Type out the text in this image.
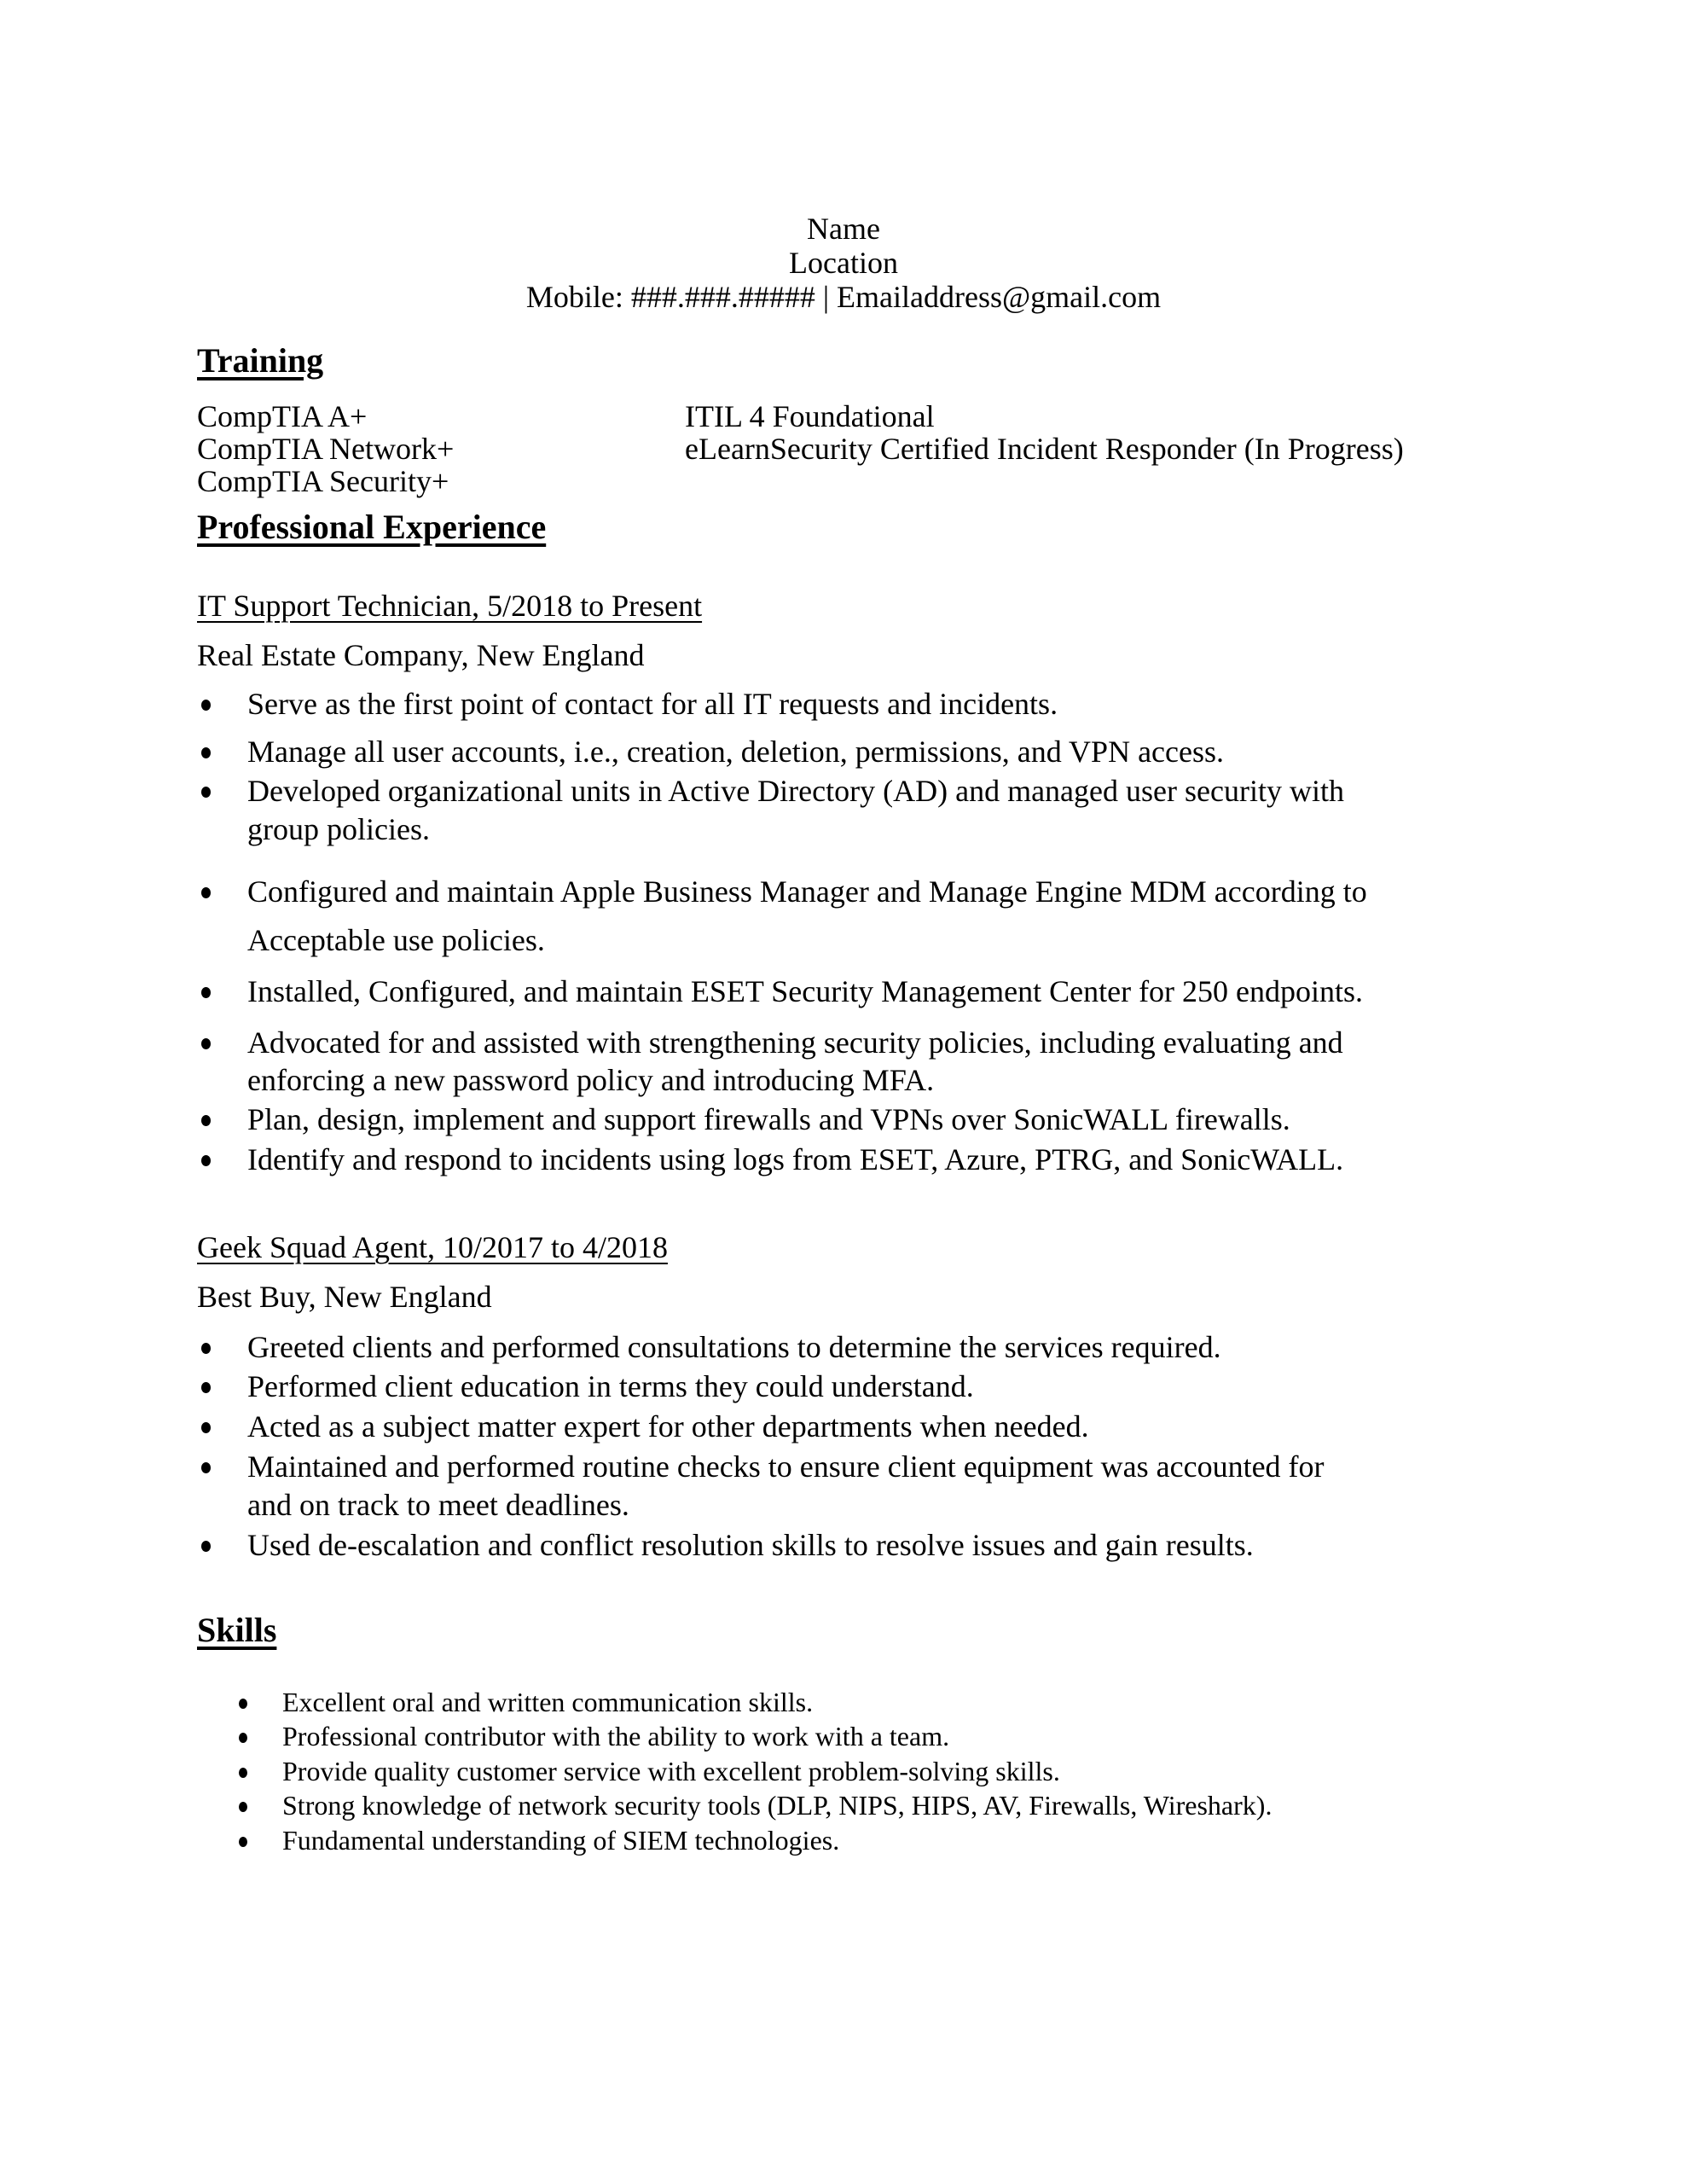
Name
Location
Mobile: ###.###.##### | Emailaddress@gmail.com
Training
CompTIA A+
CompTIA Network+
CompTIA Security+
ITIL 4 Foundational
eLearnSecurity Certified Incident Responder (In Progress)
Professional Experience
IT Support Technician, 5/2018 to Present
Real Estate Company, New England
Serve as the first point of contact for all IT requests and incidents.
Manage all user accounts, i.e., creation, deletion, permissions, and VPN access.
Developed organizational units in Active Directory (AD) and managed user security with
group policies.
Configured and maintain Apple Business Manager and Manage Engine MDM according to
Acceptable use policies.
Installed, Configured, and maintain ESET Security Management Center for 250 endpoints.
Advocated for and assisted with strengthening security policies, including evaluating and
enforcing a new password policy and introducing MFA.
Plan, design, implement and support firewalls and VPNs over SonicWALL firewalls.
Identify and respond to incidents using logs from ESET, Azure, PTRG, and SonicWALL.
Geek Squad Agent, 10/2017 to 4/2018
Best Buy, New England
Greeted clients and performed consultations to determine the services required.
Performed client education in terms they could understand.
Acted as a subject matter expert for other departments when needed.
Maintained and performed routine checks to ensure client equipment was accounted for
and on track to meet deadlines.
Used de-escalation and conflict resolution skills to resolve issues and gain results.
Skills
Excellent oral and written communication skills.
Professional contributor with the ability to work with a team.
Provide quality customer service with excellent problem-solving skills.
Strong knowledge of network security tools (DLP, NIPS, HIPS, AV, Firewalls, Wireshark).
Fundamental understanding of SIEM technologies.
